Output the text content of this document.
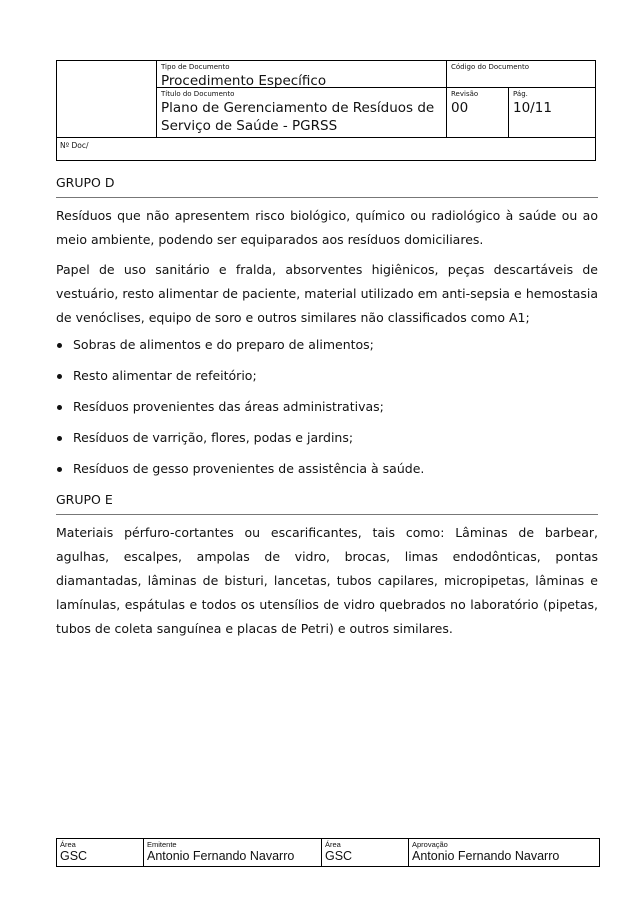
Tipo de Documento
Procedimento Específico
Código do Documento
Título do Documento
Plano de Gerenciamento de Resíduos de Serviço de Saúde - PGRSS
Revisão
00
Pág.
10/11
Nº Doc/
GRUPO D

Resíduos que não apresentem risco biológico, químico ou radiológico à saúde ou ao meio ambiente, podendo ser equiparados aos resíduos domiciliares.

Papel de uso sanitário e fralda, absorventes higiênicos, peças descartáveis de vestuário, resto alimentar de paciente, material utilizado em anti-sepsia e hemostasia de venóclises, equipo de soro e outros similares não classificados como A1;

Sobras de alimentos e do preparo de alimentos;
Resto alimentar de refeitório;
Resíduos provenientes das áreas administrativas;
Resíduos de varrição, flores, podas e jardins;
Resíduos de gesso provenientes de assistência à saúde.
GRUPO E

Materiais pérfuro-cortantes ou escarificantes, tais como: Lâminas de barbear, agulhas, escalpes, ampolas de vidro, brocas, limas endodônticas, pontas diamantadas, lâminas de bisturi, lancetas, tubos capilares, micropipetas, lâminas e lamínulas, espátulas e todos os utensílios de vidro quebrados no laboratório (pipetas, tubos de coleta sanguínea e placas de Petri) e outros similares.

Área
GSC
Emitente
Antonio Fernando Navarro
Área
GSC
Aprovação
Antonio Fernando Navarro
